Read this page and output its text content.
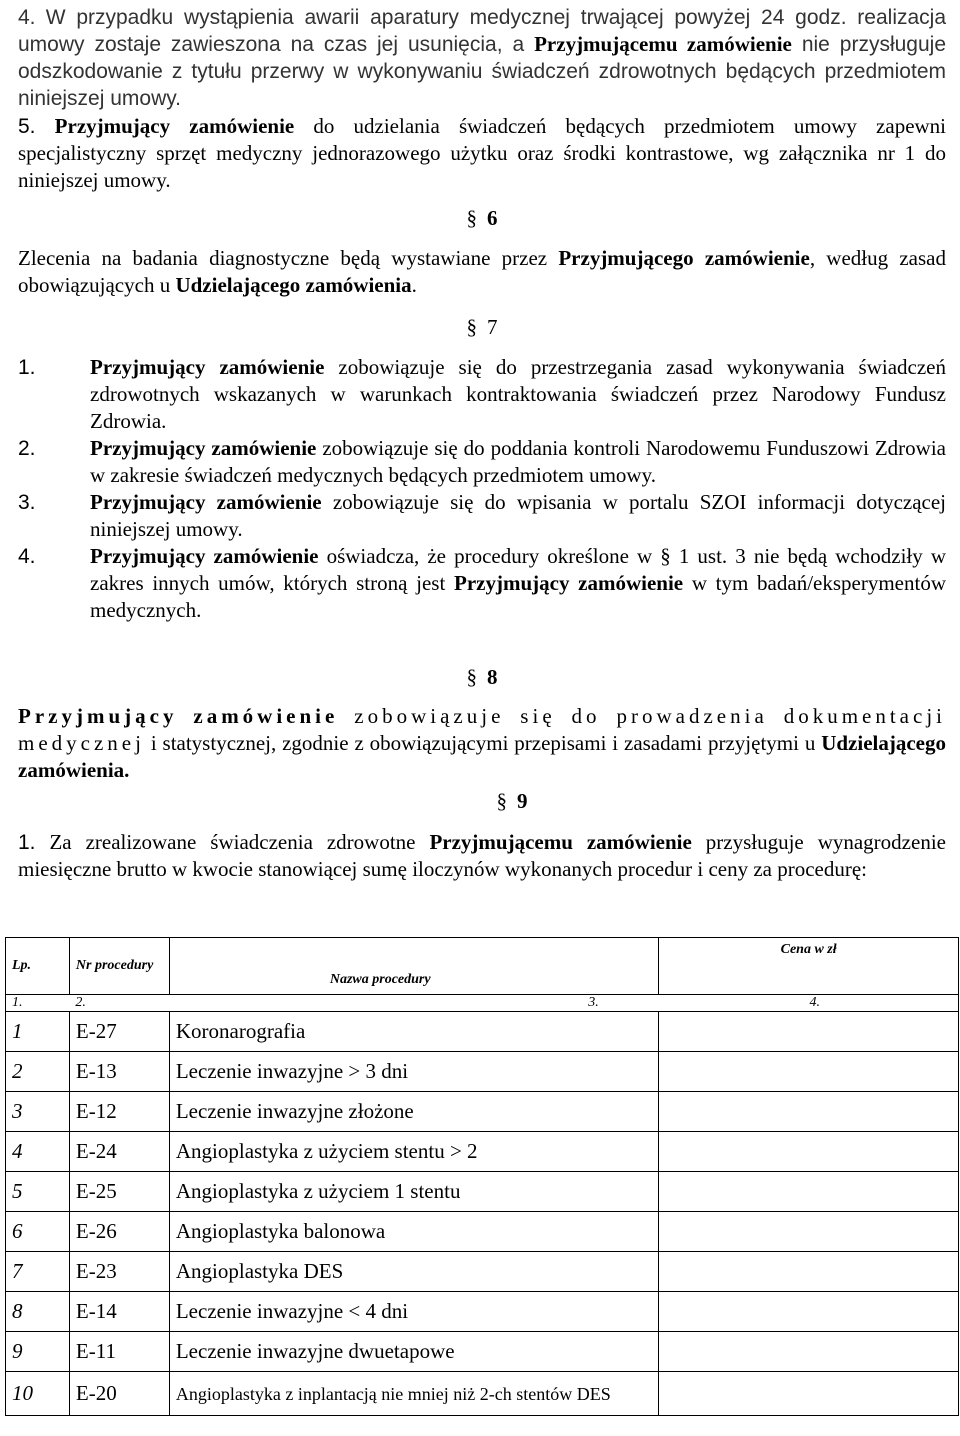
4. W przypadku wystąpienia awarii aparatury medycznej trwającej powyżej 24 godz. realizacja umowy zostaje zawieszona na czas jej usunięcia, a Przyjmującemu zamówienie nie przysługuje odszkodowanie z tytułu przerwy w wykonywaniu świadczeń zdrowotnych będących przedmiotem niniejszej umowy.

5. Przyjmujący zamówienie do udzielania świadczeń będących przedmiotem umowy zapewni specjalistyczny sprzęt medyczny jednorazowego użytku oraz środki kontrastowe, wg załącznika nr 1 do niniejszej umowy.

§ 6

Zlecenia na badania diagnostyczne będą wystawiane przez Przyjmującego zamówienie, według zasad obowiązujących u Udzielającego zamówienia.

§ 7

1.	Przyjmujący zamówienie zobowiązuje się do przestrzegania zasad wykonywania świadczeń zdrowotnych wskazanych w warunkach kontraktowania świadczeń przez Narodowy Fundusz Zdrowia.

2.	Przyjmujący zamówienie zobowiązuje się do poddania kontroli Narodowemu Funduszowi Zdrowia w zakresie świadczeń medycznych będących przedmiotem umowy.

3.	Przyjmujący zamówienie zobowiązuje się do wpisania w portalu SZOI informacji dotyczącej niniejszej umowy.

4.	Przyjmujący zamówienie oświadcza, że procedury określone w § 1 ust. 3 nie będą wchodziły w zakres innych umów, których stroną jest Przyjmujący zamówienie w tym badań/eksperymentów medycznych.

§ 8

Przyjmujący zamówienie zobowiązuje się do prowadzenia dokumentacji medycznej i statystycznej, zgodnie z obowiązującymi przepisami i zasadami przyjętymi u Udzielającego zamówienia.

§ 9

1. Za zrealizowane świadczenia zdrowotne Przyjmującemu zamówienie przysługuje wynagrodzenie miesięczne brutto w kwocie stanowiącej sumę iloczynów wykonanych procedur i ceny za procedurę:

Lp.	Nr procedury	Nazwa procedury	Cena w zł
1.	2.	3.	4.
1	E-27	Koronarografia	
2	E-13	Leczenie inwazyjne > 3 dni	
3	E-12	Leczenie inwazyjne złożone	
4	E-24	Angioplastyka z użyciem stentu > 2	
5	E-25	Angioplastyka z użyciem 1 stentu	
6	E-26	Angioplastyka balonowa	
7	E-23	Angioplastyka DES	
8	E-14	Leczenie inwazyjne < 4 dni	
9	E-11	Leczenie inwazyjne dwuetapowe	
10	E-20	Angioplastyka z inplantacją nie mniej niż 2-ch stentów DES	
